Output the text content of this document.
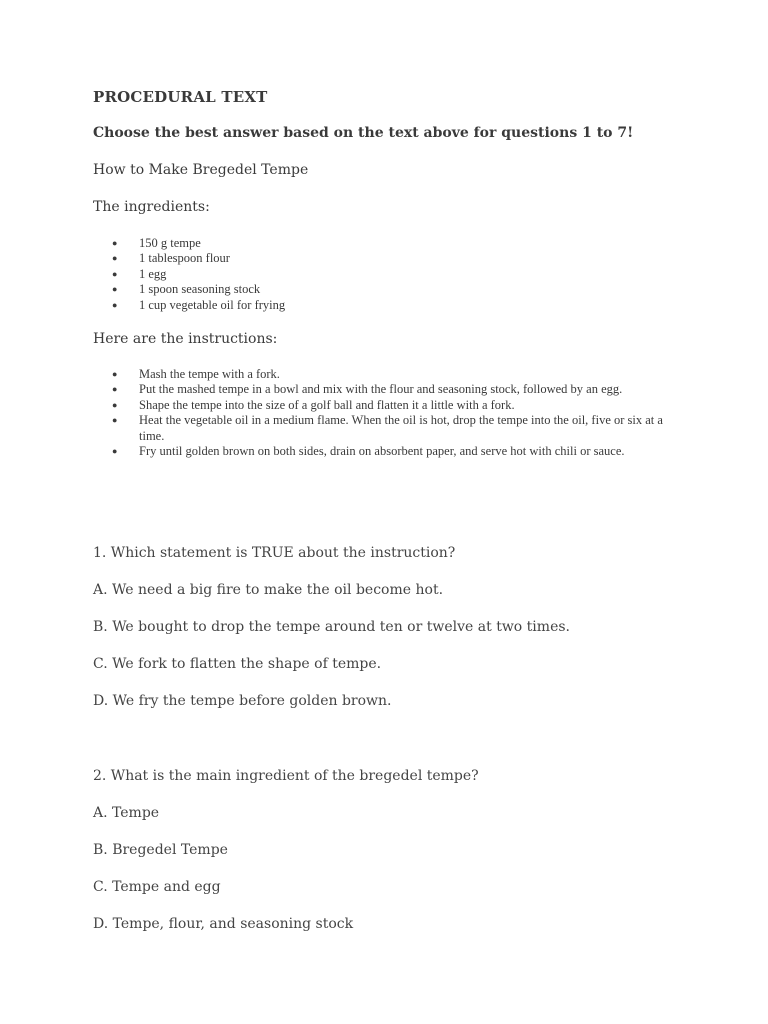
PROCEDURAL TEXT

Choose the best answer based on the text above for questions 1 to 7!

How to Make Bregedel Tempe

The ingredients:

● 150 g tempe
● 1 tablespoon flour
● 1 egg
● 1 spoon seasoning stock
● 1 cup vegetable oil for frying

Here are the instructions:

● Mash the tempe with a fork.
● Put the mashed tempe in a bowl and mix with the flour and seasoning stock, followed by an egg.
● Shape the tempe into the size of a golf ball and flatten it a little with a fork.
● Heat the vegetable oil in a medium flame. When the oil is hot, drop the tempe into the oil, five or six at a time.
● Fry until golden brown on both sides, drain on absorbent paper, and serve hot with chili or sauce.

1. Which statement is TRUE about the instruction?

A. We need a big fire to make the oil become hot.

B. We bought to drop the tempe around ten or twelve at two times.

C. We fork to flatten the shape of tempe.

D. We fry the tempe before golden brown.

2. What is the main ingredient of the bregedel tempe?

A. Tempe

B. Bregedel Tempe

C. Tempe and egg

D. Tempe, flour, and seasoning stock
